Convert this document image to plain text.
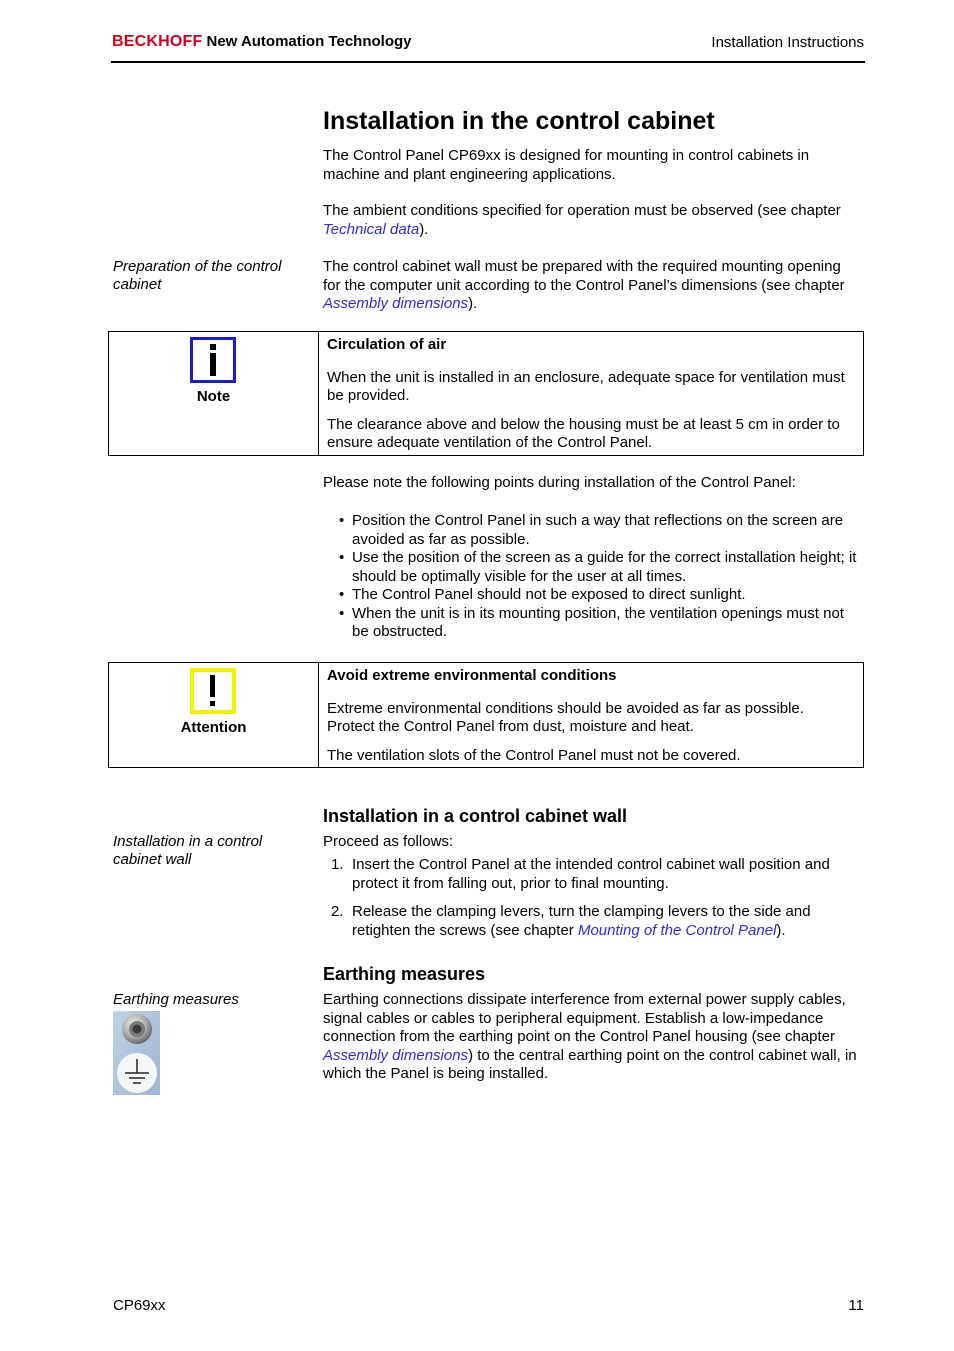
BECKHOFF New Automation Technology	Installation Instructions
Installation in the control cabinet

The Control Panel CP69xx is designed for mounting in control cabinets in machine and plant engineering applications.

The ambient conditions specified for operation must be observed (see chapter Technical data).

Preparation of the control cabinet

The control cabinet wall must be prepared with the required mounting opening for the computer unit according to the Control Panel’s dimensions (see chapter Assembly dimensions).

Note

Circulation of air

When the unit is installed in an enclosure, adequate space for ventilation must be provided.

The clearance above and below the housing must be at least 5 cm in order to ensure adequate ventilation of the Control Panel.

Please note the following points during installation of the Control Panel:
• Position the Control Panel in such a way that reflections on the screen are avoided as far as possible.
• Use the position of the screen as a guide for the correct installation height; it should be optimally visible for the user at all times.
• The Control Panel should not be exposed to direct sunlight.
• When the unit is in its mounting position, the ventilation openings must not be obstructed.
Attention

Avoid extreme environmental conditions

Extreme environmental conditions should be avoided as far as possible. Protect the Control Panel from dust, moisture and heat.

The ventilation slots of the Control Panel must not be covered.

Installation in a control cabinet wall
Installation in a control cabinet wall
Proceed as follows:
1. Insert the Control Panel at the intended control cabinet wall position and protect it from falling out, prior to final mounting.
2. Release the clamping levers, turn the clamping levers to the side and retighten the screws (see chapter Mounting of the Control Panel).
Earthing measures
Earthing measures	Earthing connections dissipate interference from external power supply cables, signal cables or cables to peripheral equipment. Establish a low-impedance connection from the earthing point on the Control Panel housing (see chapter Assembly dimensions) to the central earthing point on the control cabinet wall, in which the Panel is being installed.

CP69xx	11
